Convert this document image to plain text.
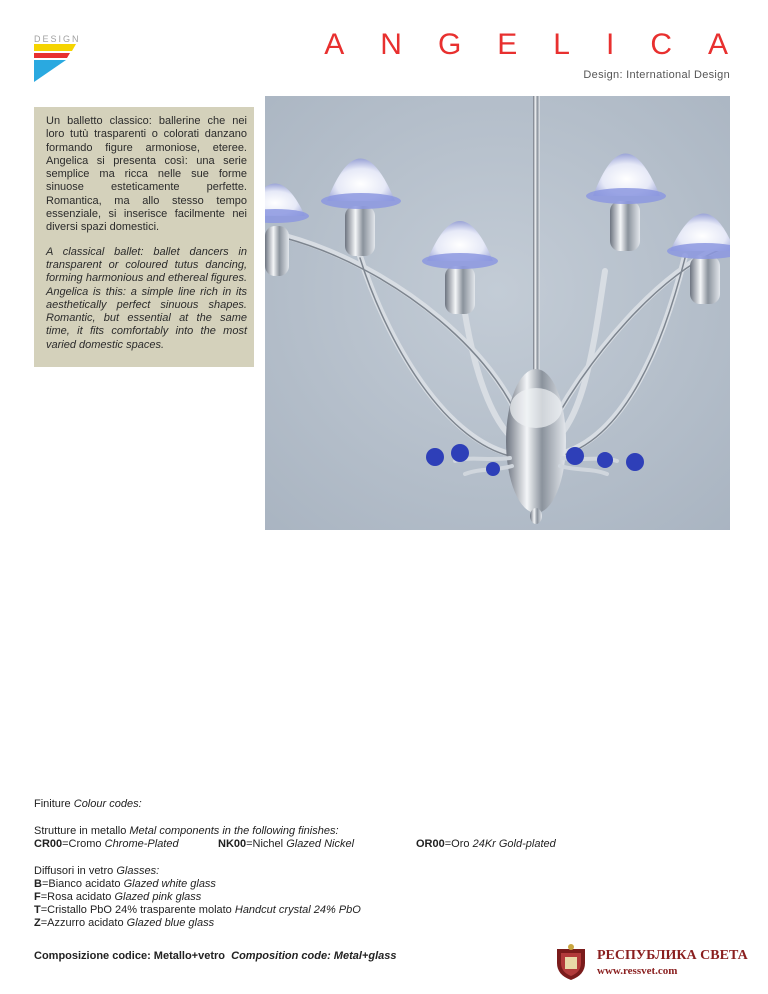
DESIGN	ANGELICA
Design: International Design

Un balletto classico: ballerine che nei loro tutù trasparenti o colorati danzano formando figure armoniose, eteree. Angelica si presenta così: una serie semplice ma ricca nelle sue forme sinuose esteticamente perfette. Romantica, ma allo stesso tempo essenziale, si inserisce facilmente nei diversi spazi domestici.

A classical ballet: ballet dancers in transparent or coloured tutus dancing, forming harmonious and ethereal figures. Angelica is this: a simple line rich in its aesthetically perfect sinuous shapes. Romantic, but essential at the same time, it fits comfortably into the most varied domestic spaces.

Finiture Colour codes:
Strutture in metallo Metal components in the following finishes:
CR00=Cromo Chrome-Plated	NK00=Nichel Glazed Nickel	OR00=Oro 24Kr Gold-plated
Diffusori in vetro Glasses:
B=Bianco acidato Glazed white glass
F=Rosa acidato Glazed pink glass
T=Cristallo PbO 24% trasparente molato Handcut crystal 24% PbO
Z=Azzurro acidato Glazed blue glass
Composizione codice: Metallo+vetro Composition code: Metal+glass	РЕСПУБЛИКА СВЕТА
www.ressvet.com
